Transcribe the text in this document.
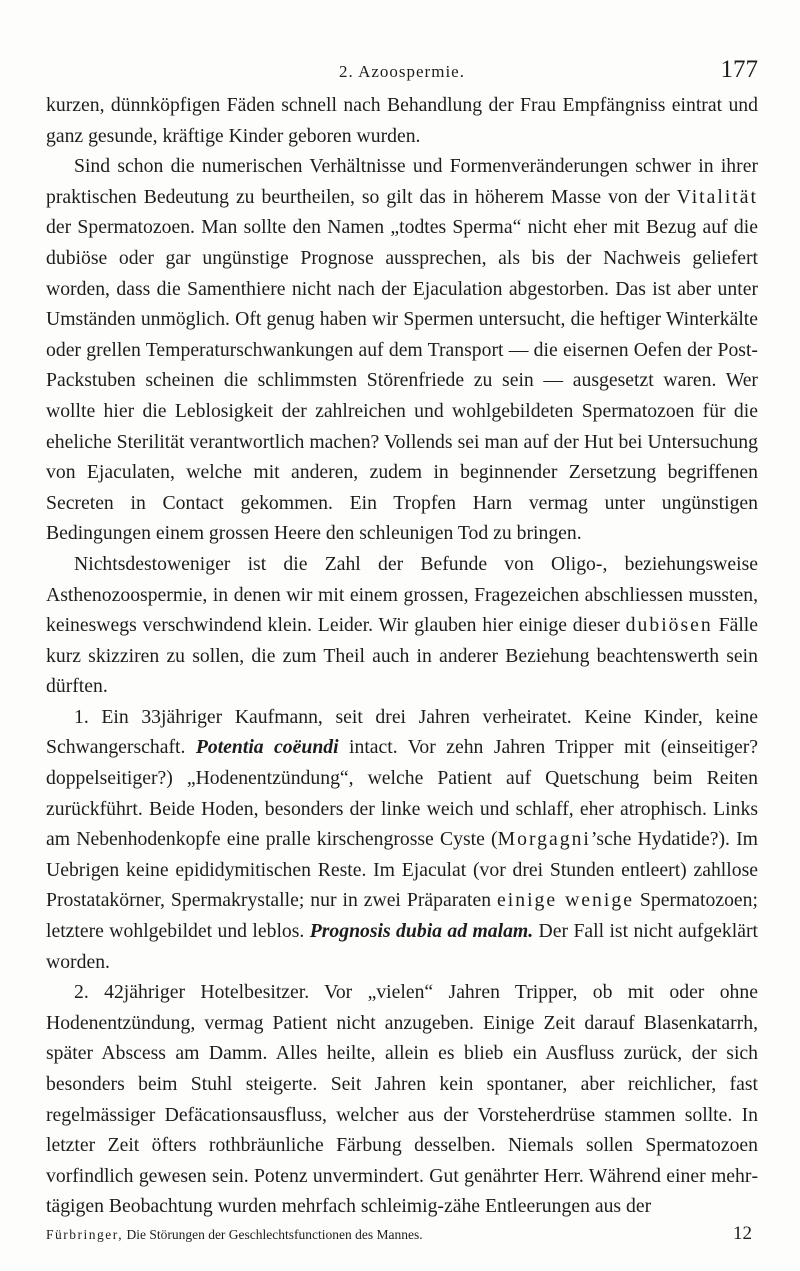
2. Azoospermie.	177

kurzen, dünnköpfigen Fäden schnell nach Behandlung der Frau Empfängniss eintrat und ganz gesunde, kräftige Kinder geboren wurden.

Sind schon die numerischen Verhältnisse und Formenveränderungen schwer in ihrer praktischen Bedeutung zu beurtheilen, so gilt das in höherem Masse von der Vitalität der Spermatozoen. Man sollte den Namen „todtes Sperma“ nicht eher mit Bezug auf die dubiöse oder gar ungünstige Prognose aussprechen, als bis der Nachweis geliefert worden, dass die Samenthiere nicht nach der Ejaculation abgestorben. Das ist aber unter Umständen unmöglich. Oft genug haben wir Spermen untersucht, die heftiger Winterkälte oder grellen Temperaturschwankungen auf dem Transport — die eisernen Oefen der Post-Packstuben scheinen die schlimmsten Störenfriede zu sein — ausgesetzt waren. Wer wollte hier die Leblosigkeit der zahlreichen und wohlgebildeten Spermatozoen für die eheliche Sterilität verantwortlich machen? Vollends sei man auf der Hut bei Untersuchung von Ejaculaten, welche mit anderen, zudem in beginnender Zersetzung begriffenen Secreten in Contact gekommen. Ein Tropfen Harn vermag unter ungünstigen Bedingungen einem grossen Heere den schleunigen Tod zu bringen.

Nichtsdestoweniger ist die Zahl der Befunde von Oligo-, beziehungsweise Asthenozoospermie, in denen wir mit einem grossen, Fragezeichen abschliessen mussten, keineswegs verschwindend klein. Leider. Wir glauben hier einige dieser dubiösen Fälle kurz skizziren zu sollen, die zum Theil auch in anderer Beziehung beachtenswerth sein dürften.

1. Ein 33jähriger Kaufmann, seit drei Jahren verheiratet. Keine Kinder, keine Schwangerschaft. Potentia coëundi intact. Vor zehn Jahren Tripper mit (einseitiger? doppelseitiger?) „Hodenentzündung“, welche Patient auf Quetschung beim Reiten zurückführt. Beide Hoden, besonders der linke weich und schlaff, eher atrophisch. Links am Nebenhodenkopfe eine pralle kirschengrosse Cyste (Morgagni’sche Hydatide?). Im Uebrigen keine epididymitischen Reste. Im Ejaculat (vor drei Stunden entleert) zahllose Prostatakörner, Spermakrystalle; nur in zwei Präparaten einige wenige Spermatozoen; letztere wohlgebildet und leblos. Prognosis dubia ad malam. Der Fall ist nicht aufgeklärt worden.

2. 42jähriger Hotelbesitzer. Vor „vielen“ Jahren Tripper, ob mit oder ohne Hodenentzündung, vermag Patient nicht anzugeben. Einige Zeit darauf Blasenkatarrh, später Abscess am Damm. Alles heilte, allein es blieb ein Ausfluss zurück, der sich besonders beim Stuhl steigerte. Seit Jahren kein spontaner, aber reichlicher, fast regelmässiger Defäcationsausfluss, welcher aus der Vorsteherdrüse stammen sollte. In letzter Zeit öfters rothbräunliche Färbung desselben. Niemals sollen Spermatozoen vorfindlich gewesen sein. Potenz unvermindert. Gut genährter Herr. Während einer mehrtägigen Beobachtung wurden mehrfach schleimig-zähe Entleerungen aus der

Fürbringer, Die Störungen der Geschlechtsfunctionen des Mannes.	12
